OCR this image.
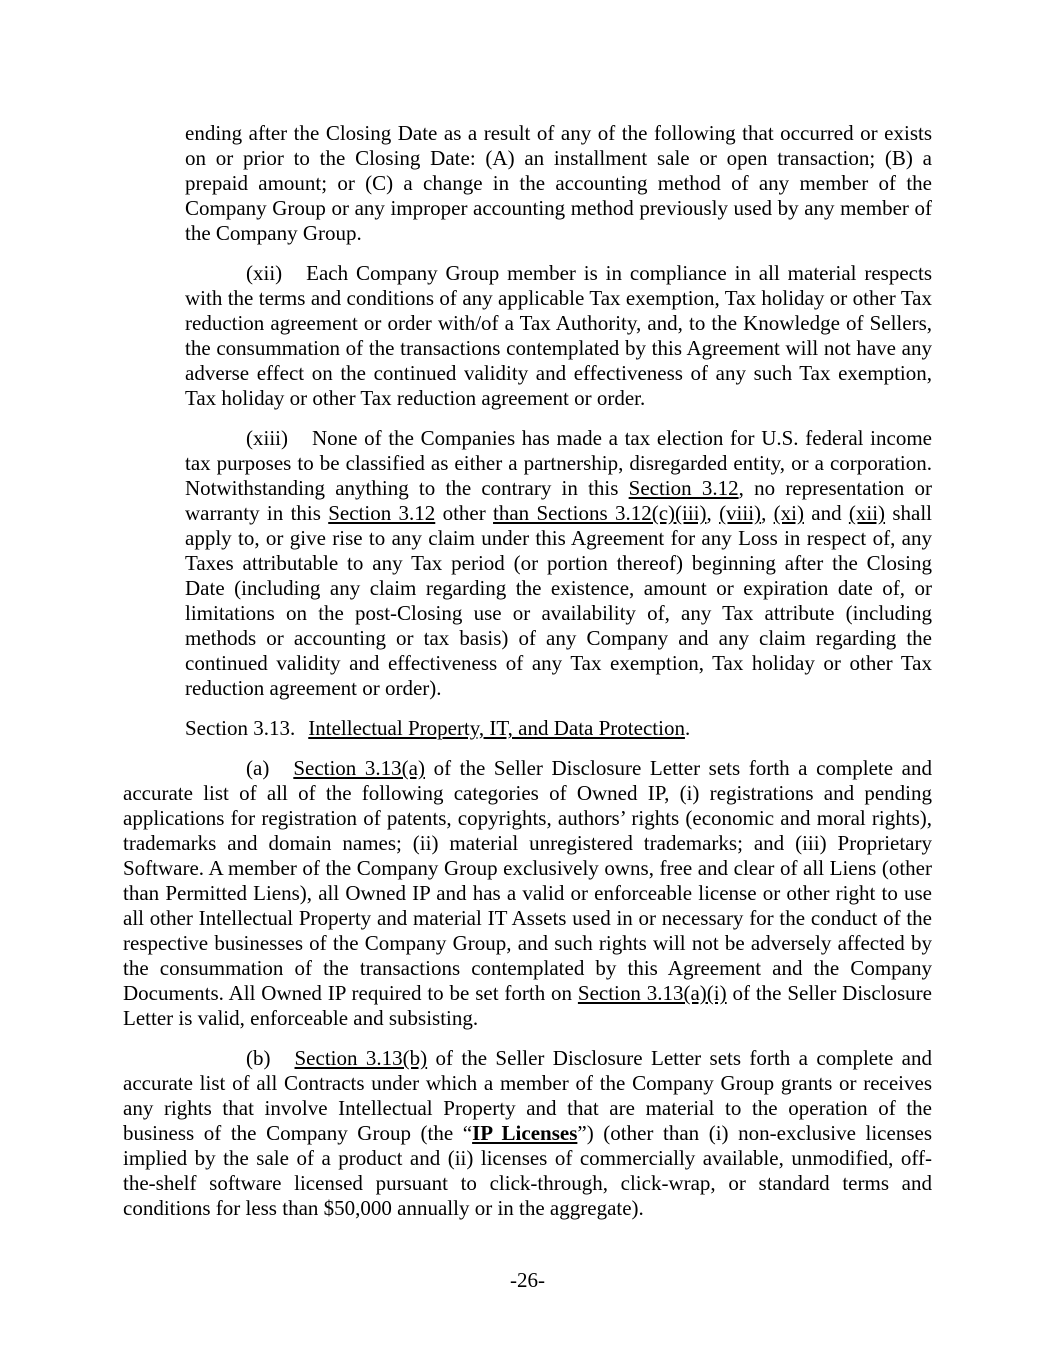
ending after the Closing Date as a result of any of the following that occurred or exists on or prior to the Closing Date: (A) an installment sale or open transaction; (B) a prepaid amount; or (C) a change in the accounting method of any member of the Company Group or any improper accounting method previously used by any member of the Company Group.

(xii) Each Company Group member is in compliance in all material respects with the terms and conditions of any applicable Tax exemption, Tax holiday or other Tax reduction agreement or order with/of a Tax Authority, and, to the Knowledge of Sellers, the consummation of the transactions contemplated by this Agreement will not have any adverse effect on the continued validity and effectiveness of any such Tax exemption, Tax holiday or other Tax reduction agreement or order.

(xiii) None of the Companies has made a tax election for U.S. federal income tax purposes to be classified as either a partnership, disregarded entity, or a corporation. Notwithstanding anything to the contrary in this Section 3.12, no representation or warranty in this Section 3.12 other than Sections 3.12(c)(iii), (viii), (xi) and (xii) shall apply to, or give rise to any claim under this Agreement for any Loss in respect of, any Taxes attributable to any Tax period (or portion thereof) beginning after the Closing Date (including any claim regarding the existence, amount or expiration date of, or limitations on the post-Closing use or availability of, any Tax attribute (including methods or accounting or tax basis) of any Company and any claim regarding the continued validity and effectiveness of any Tax exemption, Tax holiday or other Tax reduction agreement or order).

Section 3.13. Intellectual Property, IT, and Data Protection.

(a) Section 3.13(a) of the Seller Disclosure Letter sets forth a complete and accurate list of all of the following categories of Owned IP, (i) registrations and pending applications for registration of patents, copyrights, authors’ rights (economic and moral rights), trademarks and domain names; (ii) material unregistered trademarks; and (iii) Proprietary Software. A member of the Company Group exclusively owns, free and clear of all Liens (other than Permitted Liens), all Owned IP and has a valid or enforceable license or other right to use all other Intellectual Property and material IT Assets used in or necessary for the conduct of the respective businesses of the Company Group, and such rights will not be adversely affected by the consummation of the transactions contemplated by this Agreement and the Company Documents. All Owned IP required to be set forth on Section 3.13(a)(i) of the Seller Disclosure Letter is valid, enforceable and subsisting.

(b) Section 3.13(b) of the Seller Disclosure Letter sets forth a complete and accurate list of all Contracts under which a member of the Company Group grants or receives any rights that involve Intellectual Property and that are material to the operation of the business of the Company Group (the “IP Licenses”) (other than (i) non-exclusive licenses implied by the sale of a product and (ii) licenses of commercially available, unmodified, off-the-shelf software licensed pursuant to click-through, click-wrap, or standard terms and conditions for less than $50,000 annually or in the aggregate).

-26-
